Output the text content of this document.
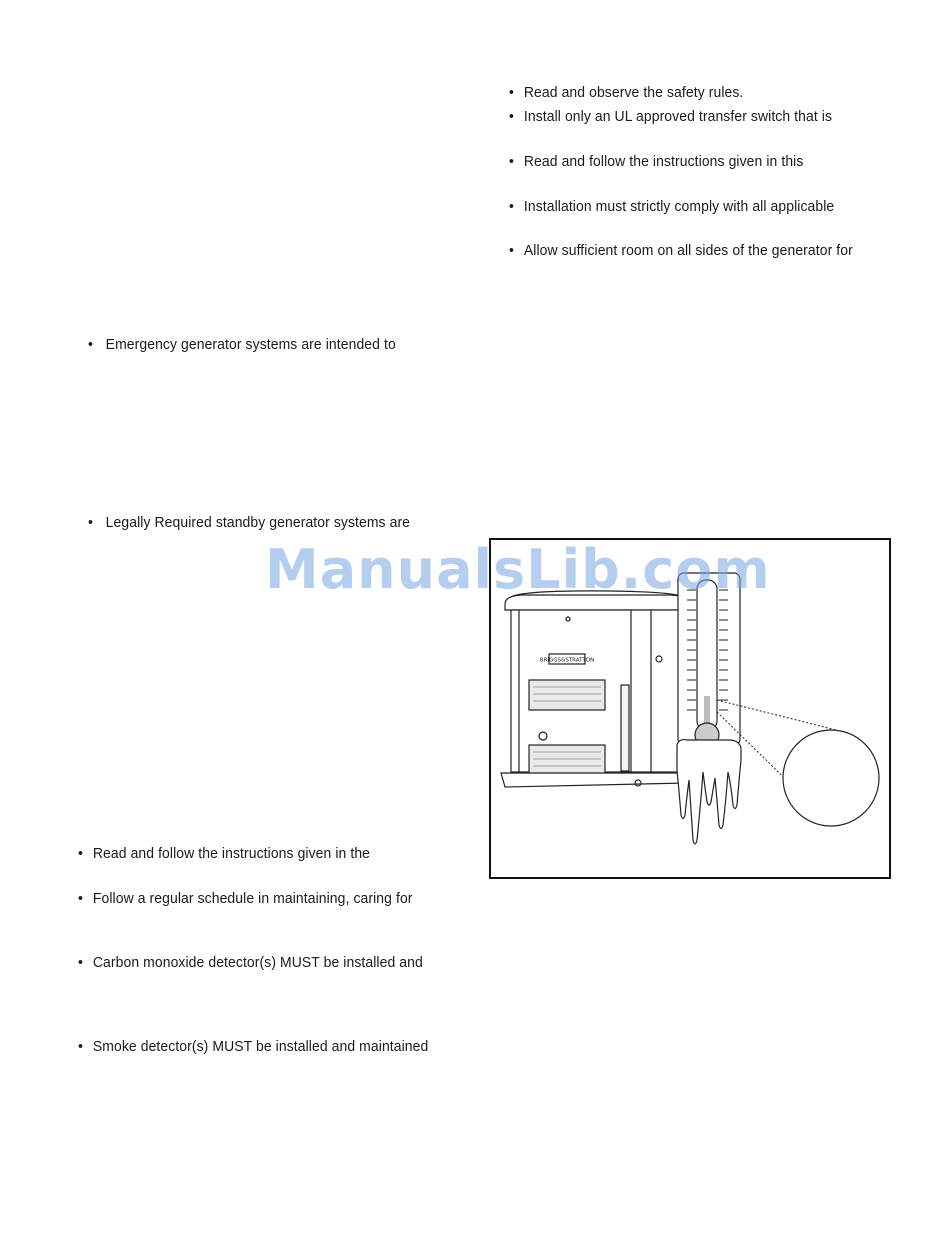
• Read and observe the safety rules.
• Install only an UL approved transfer switch that is
• Read and follow the instructions given in this
• Installation must strictly comply with all applicable
• Allow sufficient room on all sides of the generator for
• Emergency generator systems are intended to
• Legally Required standby generator systems are
• Read and follow the instructions given in the
• Follow a regular schedule in maintaining, caring for
• Carbon monoxide detector(s) MUST be installed and
• Smoke detector(s) MUST be installed and maintained
BRIGGS&STRATTON
ManualsLib.com
